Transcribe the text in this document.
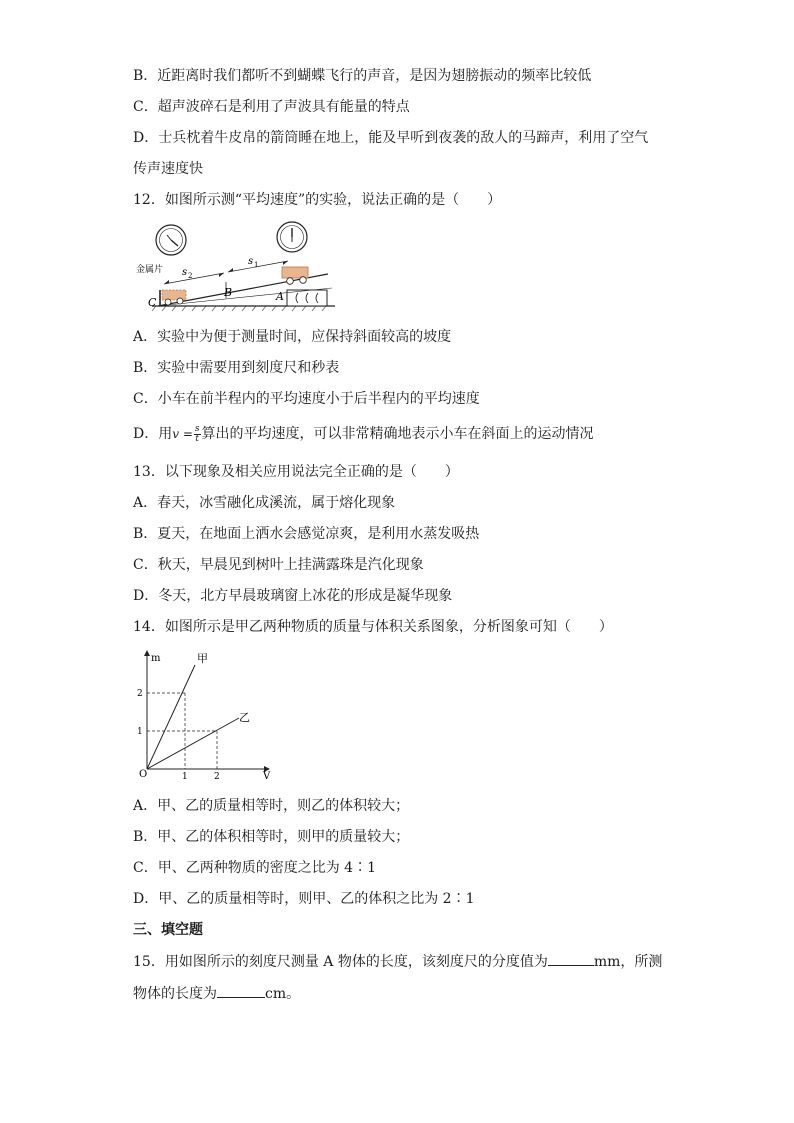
B．近距离时我们都听不到蝴蝶飞行的声音，是因为翅膀振动的频率比较低
C．超声波碎石是利用了声波具有能量的特点
D．士兵枕着牛皮帛的箭筒睡在地上，能及早听到夜袭的敌人的马蹄声，利用了空气
传声速度快
12．如图所示测“平均速度”的实验，说法正确的是（　　）
金属片 s 2
s 1
C
B	A
A．实验中为便于测量时间，应保持斜面较高的坡度
B．实验中需要用到刻度尺和秒表
C．小车在前半程内的平均速度小于后半程内的平均速度
D．用$v = \frac{s}{t}$ 算出的平均速度，可以非常精确地表示小车在斜面上的运动情况
13．以下现象及相关应用说法完全正确的是（　　）
A．春天，冰雪融化成溪流，属于熔化现象
B．夏天，在地面上洒水会感觉凉爽，是利用水蒸发吸热
C．秋天，早晨见到树叶上挂满露珠是汽化现象
D．冬天，北方早晨玻璃窗上冰花的形成是凝华现象
14．如图所示是甲乙两种物质的质量与体积关系图象，分析图象可知（　　）
m
V
O
甲
乙
2
1
1	2
A．甲、乙的质量相等时，则乙的体积较大；
B．甲、乙的体积相等时，则甲的质量较大；
C．甲、乙两种物质的密度之比为 4∶1
D．甲、乙的质量相等时，则甲、乙的体积之比为 2∶1
三、填空题
15．用如图所示的刻度尺测量 A 物体的长度，该刻度尺的分度值为	mm，所测
物体的长度为	cm。
